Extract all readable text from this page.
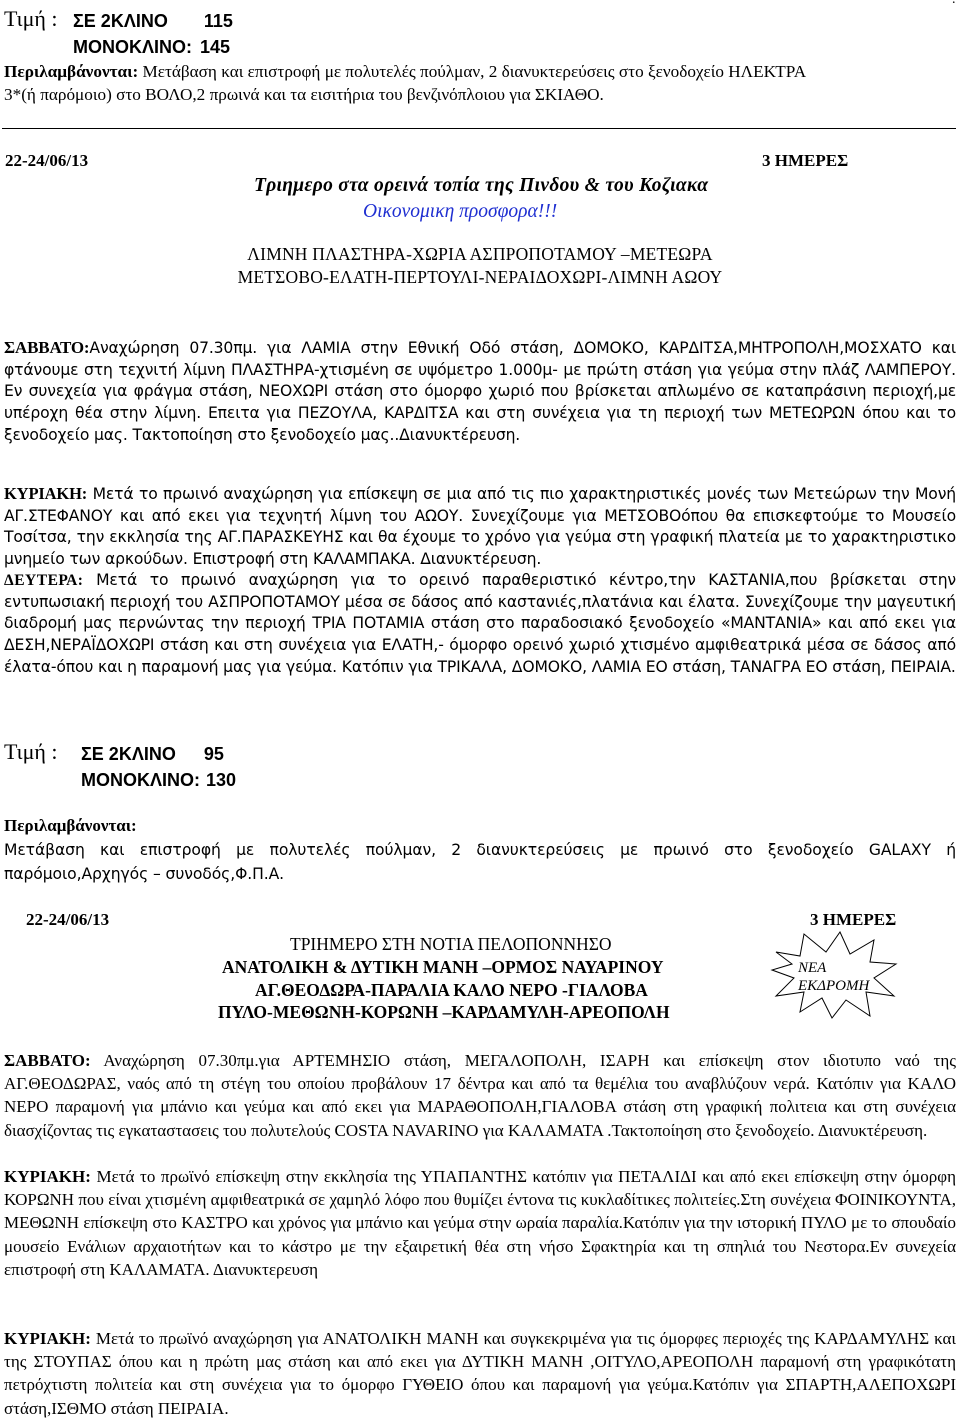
Τιμή : ΣΕ 2ΚΛΙΝΟ 115
ΜΟΝΟΚΛΙΝΟ: 145
Περιλαμβάνονται: Μετάβαση και επιστροφή με πολυτελές πούλμαν, 2 διανυκτερεύσεις στο ξενοδοχείο ΗΛΕΚΤΡΑ
3*(ή παρόμοιο) στο ΒΟΛΟ,2 πρωινά και τα εισιτήρια του βενζινόπλοιου για ΣΚΙΑΘΟ.
22-24/06/13	3 ΗΜΕΡΕΣ
Τριημερο στα ορεινά τοπία της Πινδου & του Κοζιακα
Οικονομικη προσφορα!!!
ΛΙΜΝΗ ΠΛΑΣΤΗΡΑ-ΧΩΡΙΑ ΑΣΠΡΟΠΟΤΑΜΟΥ –ΜΕΤΕΩΡΑ
ΜΕΤΣΟΒΟ-ΕΛΑΤΗ-ΠΕΡΤΟΥΛΙ-ΝΕΡΑΙΔΟΧΩΡΙ-ΛΙΜΝΗ ΑΩΟΥ
ΣΑΒΒΑΤΟ:Αναχώρηση 07.30πμ. για ΛΑΜΙΑ στην Εθνική Οδό στάση, ΔΟΜΟΚΟ, ΚΑΡΔΙΤΣΑ,ΜΗΤΡΟΠΟΛΗ,ΜΟΣΧΑΤΟ και φτάνουμε στη τεχνιτή λίμνη ΠΛΑΣΤΗΡΑ-χτισμένη σε υψόμετρο 1.000μ- με πρώτη στάση για γεύμα στην πλάζ ΛΑΜΠΕΡΟΥ. Εν συνεχεία για φράγμα στάση, ΝΕΟΧΩΡΙ στάση στο όμορφο χωριό που βρίσκεται απλωμένο σε καταπράσινη περιοχή,με υπέροχη θέα στην λίμνη. Επειτα για ΠΕΖΟΥΛΑ, ΚΑΡΔΙΤΣΑ και στη συνέχεια για τη περιοχή των ΜΕΤΕΩΡΩΝ όπου και το ξενοδοχείο μας. Τακτοποίηση στο ξενοδοχείο μας..Διανυκτέρευση.
ΚΥΡΙΑΚΗ: Μετά το πρωινό αναχώρηση για επίσκεψη σε μια από τις πιο χαρακτηριστικές μονές των Μετεώρων την Μονή ΑΓ.ΣΤΕΦΑΝΟΥ και από εκει για τεχνητή λίμνη του ΑΩΟΥ. Συνεχίζουμε για ΜΕΤΣΟΒΟόπου θα επισκεφτούμε το Μουσείο Τοσίτσα, την εκκλησία της ΑΓ.ΠΑΡΑΣΚΕΥΗΣ και θα έχουμε το χρόνο για γεύμα στη γραφική πλατεία με το χαρακτηριστικο μνημείο των αρκούδων. Επιστροφή στη ΚΑΛΑΜΠΑΚΑ. Διανυκτέρευση.
ΔΕΥΤΕΡΑ: Μετά το πρωινό αναχώρηση για το ορεινό παραθεριστικό κέντρο,την ΚΑΣΤΑΝΙΑ,που βρίσκεται στην εντυπωσιακή περιοχή του ΑΣΠΡΟΠΟΤΑΜΟΥ μέσα σε δάσος από καστανιές,πλατάνια και έλατα. Συνεχίζουμε την μαγευτική διαδρομή μας περνώντας την περιοχή ΤΡΙΑ ΠΟΤΑΜΙΑ στάση στο παραδοσιακό ξενοδοχείο «ΜΑΝΤΑΝΙΑ» και από εκει για ΔΕΣΗ,ΝΕΡΑΪΔΟΧΩΡΙ στάση και στη συνέχεια για ΕΛΑΤΗ,- όμορφο ορεινό χωριό χτισμένο αμφιθεατρικά μέσα σε δάσος από έλατα-όπου και η παραμονή μας για γεύμα. Κατόπιν για ΤΡΙΚΑΛΑ, ΔΟΜΟΚΟ, ΛΑΜΙΑ ΕΟ στάση, ΤΑΝΑΓΡΑ ΕΟ στάση, ΠΕΙΡΑΙΑ.
Τιμή : ΣΕ 2ΚΛΙΝΟ 95
ΜΟΝΟΚΛΙΝΟ: 130
Περιλαμβάνονται:
Μετάβαση και επιστροφή με πολυτελές πούλμαν, 2 διανυκτερεύσεις με πρωινό στο ξενοδοχείο GALAXY ή παρόμοιο,Αρχηγός – συνοδός,Φ.Π.Α.
22-24/06/13	3 ΗΜΕΡΕΣ
ΤΡΙΗΜΕΡΟ ΣΤΗ ΝΟΤΙΑ ΠΕΛΟΠΟΝΝΗΣΟ
ΑΝΑΤΟΛΙΚΗ & ΔΥΤΙΚΗ ΜΑΝΗ –ΟΡΜΟΣ ΝΑΥΑΡΙΝΟΥ
ΑΓ.ΘΕΟΔΩΡΑ-ΠΑΡΑΛΙΑ ΚΑΛΟ ΝΕΡΟ -ΓΙΑΛΟΒΑ
ΠΥΛΟ-ΜΕΘΩΝΗ-ΚΟΡΩΝΗ –ΚΑΡΔΑΜΥΛΗ-ΑΡΕΟΠΟΛΗ
ΝΕΑ
ΕΚΔΡΟΜΗ
ΣΑΒΒΑΤΟ: Αναχώρηση 07.30πμ.για ΑΡΤΕΜΗΣΙΟ στάση, ΜΕΓΑΛΟΠΟΛΗ, ΙΣΑΡΗ και επίσκεψη στον ιδιοτυπο ναό της ΑΓ.ΘΕΟΔΩΡΑΣ, ναός από τη στέγη του οποίου προβάλουν 17 δέντρα και από τα θεμέλια του αναβλύζουν νερά. Κατόπιν για ΚΑΛΟ ΝΕΡΟ παραμονή για μπάνιο και γεύμα και από εκει για ΜΑΡΑΘΟΠΟΛΗ,ΓΙΑΛΟΒΑ στάση στη γραφική πολιτεια και στη συνέχεια διασχίζοντας τις εγκαταστασεις του πολυτελούς COSTA NAVARINO για ΚΑΛΑΜΑΤΑ .Τακτοποίηση στο ξενοδοχείο. Διανυκτέρευση.
ΚΥΡΙΑΚΗ: Μετά το πρωϊνό επίσκεψη στην εκκλησία της ΥΠΑΠΑΝΤΗΣ κατόπιν για ΠΕΤΑΛΙΔΙ και από εκει επίσκεψη στην όμορφη ΚΟΡΩΝΗ που είναι χτισμένη αμφιθεατρικά σε χαμηλό λόφο που θυμίζει έντονα τις κυκλαδίτικες πολιτείες.Στη συνέχεια ΦΟΙΝΙΚΟΥΝΤΑ, ΜΕΘΩΝΗ επίσκεψη στο ΚΑΣΤΡΟ και χρόνος για μπάνιο και γεύμα στην ωραία παραλία.Κατόπιν για την ιστορική ΠΥΛΟ με το σπουδαίο μουσείο Ενάλιων αρχαιοτήτων και το κάστρο με την εξαιρετική θέα στη νήσο Σφακτηρία και τη σπηλιά του Νεστορα.Εν συνεχεία επιστροφή στη ΚΑΛΑΜΑΤΑ. Διανυκτερευση
ΚΥΡΙΑΚΗ: Μετά το πρωϊνό αναχώρηση για ΑΝΑΤΟΛΙΚΗ ΜΑΝΗ και συγκεκριμένα για τις όμορφες περιοχές της ΚΑΡΔΑΜΥΛΗΣ και της ΣΤΟΥΠΑΣ όπου και η πρώτη μας στάση και από εκει για ΔΥΤΙΚΗ ΜΑΝΗ ,ΟΙΤΥΛΟ,ΑΡΕΟΠΟΛΗ παραμονή στη γραφικότατη πετρόχτιστη πολιτεία και στη συνέχεια για το όμορφο ΓΥΘΕΙΟ όπου και παραμονή για γεύμα.Κατόπιν για ΣΠΑΡΤΗ,ΑΛΕΠΟΧΩΡΙ στάση,ΙΣΘΜΟ στάση ΠΕΙΡΑΙΑ.
